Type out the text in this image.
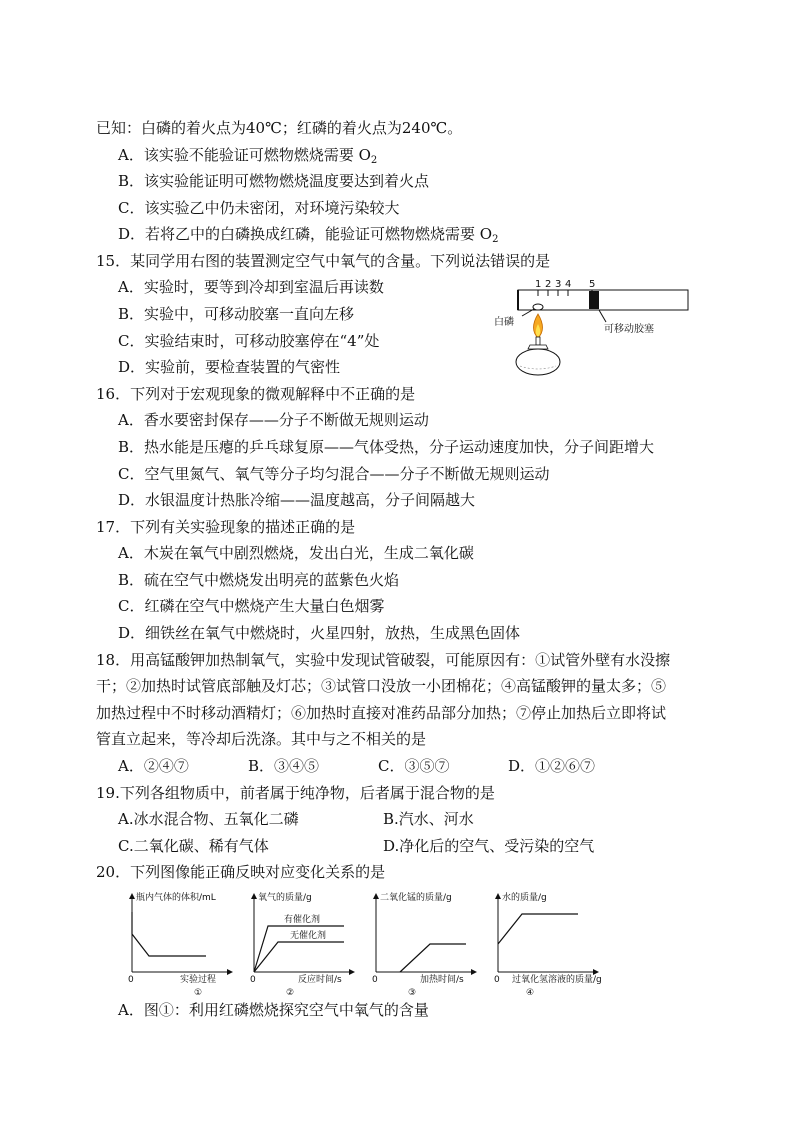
已知：白磷的着火点为40℃；红磷的着火点为240℃。
A．该实验不能验证可燃物燃烧需要 $O_2$
B．该实验能证明可燃物燃烧温度要达到着火点
C．该实验乙中仍未密闭，对环境污染较大
D．若将乙中的白磷换成红磷，能验证可燃物燃烧需要 $O_2$
15．某同学用右图的装置测定空气中氧气的含量。下列说法错误的是
A．实验时，要等到冷却到室温后再读数
B．实验中，可移动胶塞一直向左移
C．实验结束时，可移动胶塞停在“4”处
D．实验前，要检查装置的气密性
1 2 3 4 5
可移动胶塞
白磷
16．下列对于宏观现象的微观解释中不正确的是
A．香水要密封保存——分子不断做无规则运动
B．热水能是压瘪的乒乓球复原——气体受热，分子运动速度加快，分子间距增大
C．空气里氮气、氧气等分子均匀混合——分子不断做无规则运动
D．水银温度计热胀冷缩——温度越高，分子间隔越大
17．下列有关实验现象的描述正确的是
A．木炭在氧气中剧烈燃烧，发出白光，生成二氧化碳
B．硫在空气中燃烧发出明亮的蓝紫色火焰
C．红磷在空气中燃烧产生大量白色烟雾
D．细铁丝在氧气中燃烧时，火星四射，放热，生成黑色固体
18．用高锰酸钾加热制氧气，实验中发现试管破裂，可能原因有：①试管外壁有水没擦
干；②加热时试管底部触及灯芯；③试管口没放一小团棉花；④高锰酸钾的量太多；⑤
加热过程中不时移动酒精灯；⑥加热时直接对准药品部分加热；⑦停止加热后立即将试
管直立起来，等冷却后洗涤。其中与之不相关的是
A．②④⑦	B．③④⑤	C．③⑤⑦	D．①②⑥⑦
19.下列各组物质中，前者属于纯净物，后者属于混合物的是
A.冰水混合物、五氧化二磷	B.汽水、河水
C.二氧化碳、稀有气体	D.净化后的空气、受污染的空气
20．下列图像能正确反映对应变化关系的是
瓶内气体的体积/mL
0	实验过程
①
氧气的质量/g
有催化剂
无催化剂
0	反应时间/s
②
二氧化锰的质量/g
0	加热时间/s
③
水的质量/g
0 过氧化氢溶液的质量/g
④
A．图①：利用红磷燃烧探究空气中氧气的含量
